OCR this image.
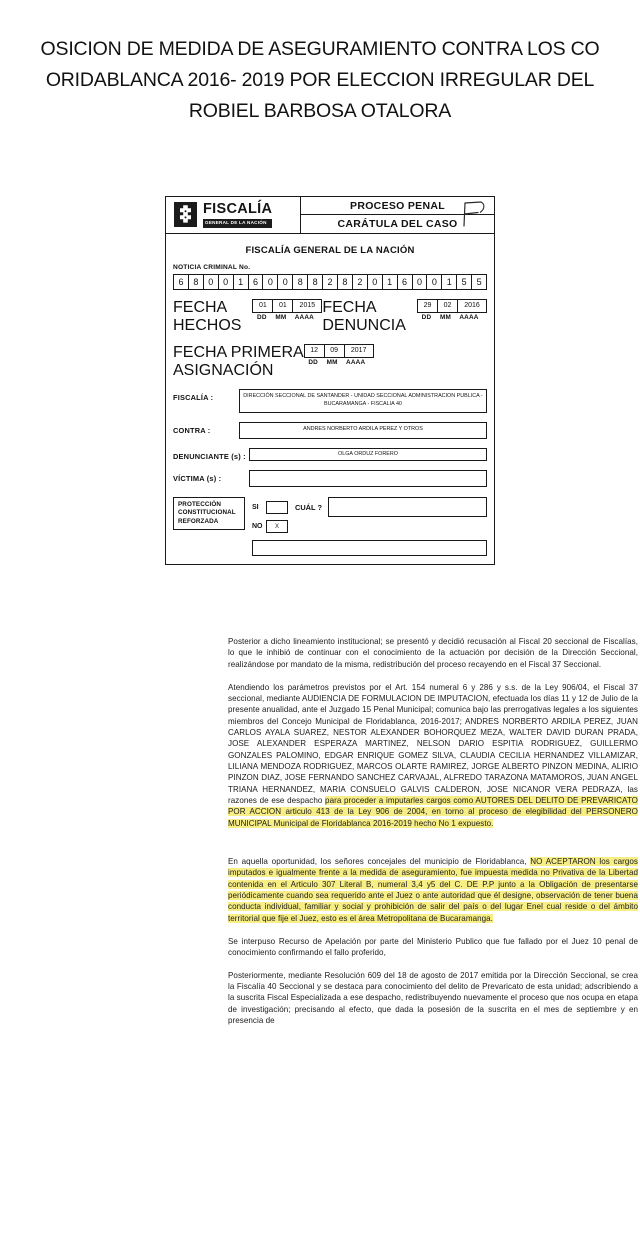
OSICION DE MEDIDA DE ASEGURAMIENTO CONTRA LOS CO
ORIDABLANCA 2016- 2019 POR ELECCION IRREGULAR DEL
ROBIEL BARBOSA OTALORA
FISCALÍA
GENERAL DE LA NACIÓN
PROCESO PENAL
CARÁTULA DEL CASO
FISCALÍA GENERAL DE LA NACIÓN
NOTICIA CRIMINAL No.
6	8	0	0	1	6	0	0	8	8	2	8	2	0	1	6	0	0	1	5	5
FECHA HECHOS
01	01	2015
DD	MM	AAAA
FECHA DENUNCIA
29	02	2016
DD	MM	AAAA
FECHA PRIMERA
ASIGNACIÓN
12	09	2017
DD	MM	AAAA
FISCALÍA :	DIRECCIÓN SECCIONAL DE SANTANDER - UNIDAD SECCIONAL ADMINISTRACION PUBLICA - BUCARAMANGA - FISCALIA 40
CONTRA :	ANDRES NORBERTO ARDILA PEREZ Y OTROS
DENUNCIANTE (s) :	OLGA ORDUZ FORERO
VÍCTIMA (s) :
PROTECCIÓN
CONSTITUCIONAL
REFORZADA
SI	CUÁL ?
NO	X

Posterior a dicho lineamiento institucional; se presentó y decidió recusación al Fiscal 20 seccional de Fiscalías, lo que le inhibió de continuar con el conocimiento de la actuación por decisión de la Dirección Seccional, realizándose por mandato de la misma, redistribución del proceso recayendo en el Fiscal 37 Seccional.

Atendiendo los parámetros previstos por el Art. 154 numeral 6 y 286 y s.s. de la Ley 906/04, el Fiscal 37 seccional, mediante AUDIENCIA DE FORMULACION DE IMPUTACION, efectuada los días 11 y 12 de Julio de la presente anualidad, ante el Juzgado 15 Penal Municipal; comunica bajo las prerrogativas legales a los siguientes miembros del Concejo Municipal de Floridablanca, 2016-2017; ANDRES NORBERTO ARDILA PEREZ, JUAN CARLOS AYALA SUAREZ, NESTOR ALEXANDER BOHORQUEZ MEZA, WALTER DAVID DURAN PRADA, JOSE ALEXANDER ESPERAZA MARTINEZ, NELSON DARIO ESPITIA RODRIGUEZ, GUILLERMO GONZALES PALOMINO, EDGAR ENRIQUE GOMEZ SILVA, CLAUDIA CECILIA HERNANDEZ VILLAMIZAR, LILIANA MENDOZA RODRIGUEZ, MARCOS OLARTE RAMIREZ, JORGE ALBERTO PINZON MEDINA, ALIRIO PINZON DIAZ, JOSE FERNANDO SANCHEZ CARVAJAL, ALFREDO TARAZONA MATAMOROS, JUAN ANGEL TRIANA HERNANDEZ, MARIA CONSUELO GALVIS CALDERON, JOSE NICANOR VERA PEDRAZA, las razones de ese despacho para proceder a imputarles cargos como AUTORES DEL DELITO DE PREVARICATO POR ACCION articulo 413 de la Ley 906 de 2004, en torno al proceso de elegibilidad del PERSONERO MUNICIPAL Municipal de Floridablanca 2016-2019 hecho No 1 expuesto.

En aquella oportunidad, los señores concejales del municipio de Floridablanca, NO ACEPTARON los cargos imputados e igualmente frente a la medida de aseguramiento, fue impuesta medida no Privativa de la Libertad contenida en el Articulo 307 Literal B, numeral 3,4 y5 del C. DE P.P junto a la Obligación de presentarse periódicamente cuando sea requerido ante el Juez o ante autoridad que él designe, observación de tener buena conducta individual, familiar y social y prohibición de salir del país o del lugar Enel cual reside o del ámbito territorial que fije el Juez, esto es el área Metropolitana de Bucaramanga.

Se interpuso Recurso de Apelación por parte del Ministerio Publico que fue fallado por el Juez 10 penal de conocimiento confirmando el fallo proferido,

Posteriormente, mediante Resolución 609 del 18 de agosto de 2017 emitida por la Dirección Seccional, se crea la Fiscalía 40 Seccional y se destaca para conocimiento del delito de Prevaricato de esta unidad; adscribiendo a la suscrita Fiscal Especializada a ese despacho, redistribuyendo nuevamente el proceso que nos ocupa en etapa de investigación; precisando al efecto, que dada la posesión de la suscrita en el mes de septiembre y en presencia de
